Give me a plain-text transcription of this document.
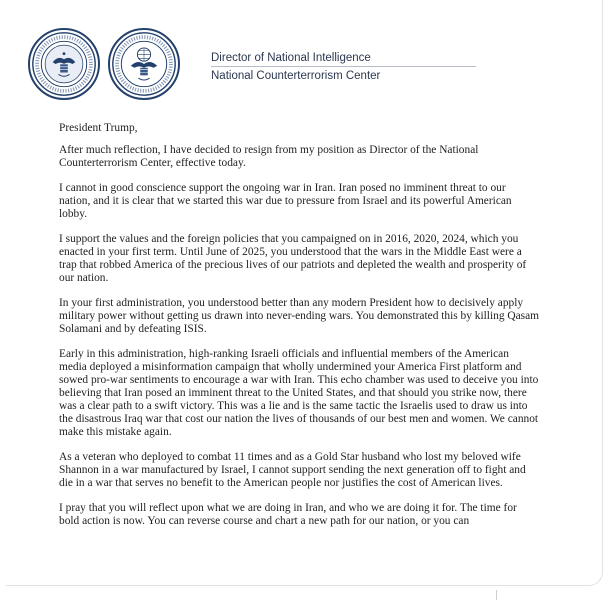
Director of National Intelligence
National Counterterrorism Center

President Trump,

After much reflection, I have decided to resign from my position as Director of the National Counterterrorism Center, effective today.

I cannot in good conscience support the ongoing war in Iran. Iran posed no imminent threat to our nation, and it is clear that we started this war due to pressure from Israel and its powerful American lobby.

I support the values and the foreign policies that you campaigned on in 2016, 2020, 2024, which you enacted in your first term. Until June of 2025, you understood that the wars in the Middle East were a trap that robbed America of the precious lives of our patriots and depleted the wealth and prosperity of our nation.

In your first administration, you understood better than any modern President how to decisively apply military power without getting us drawn into never-ending wars. You demonstrated this by killing Qasam Solamani and by defeating ISIS.

Early in this administration, high-ranking Israeli officials and influential members of the American media deployed a misinformation campaign that wholly undermined your America First platform and sowed pro-war sentiments to encourage a war with Iran. This echo chamber was used to deceive you into believing that Iran posed an imminent threat to the United States, and that should you strike now, there was a clear path to a swift victory. This was a lie and is the same tactic the Israelis used to draw us into the disastrous Iraq war that cost our nation the lives of thousands of our best men and women. We cannot make this mistake again.

As a veteran who deployed to combat 11 times and as a Gold Star husband who lost my beloved wife Shannon in a war manufactured by Israel, I cannot support sending the next generation off to fight and die in a war that serves no benefit to the American people nor justifies the cost of American lives.

I pray that you will reflect upon what we are doing in Iran, and who we are doing it for. The time for bold action is now. You can reverse course and chart a new path for our nation, or you can
